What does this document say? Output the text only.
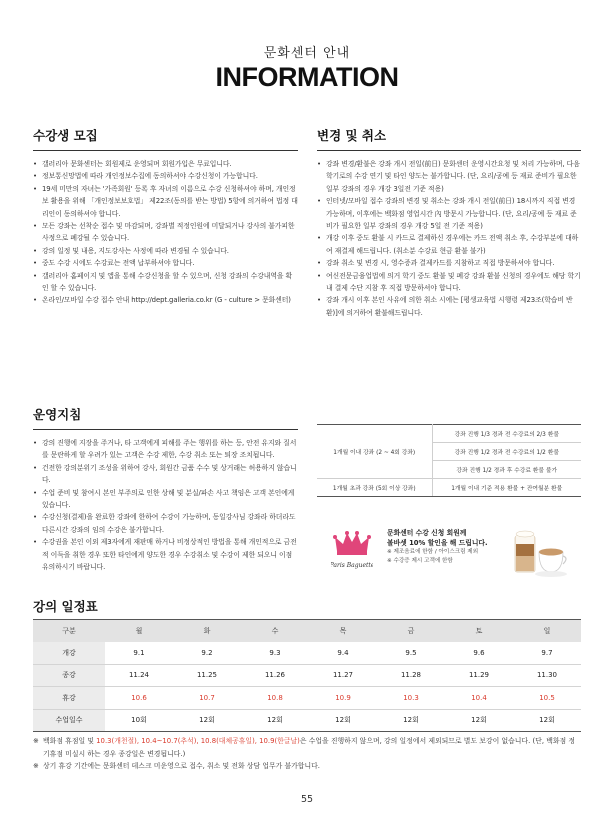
문화센터 안내
INFORMATION
수강생 모집
• 갤러리아 문화센터는 회원제로 운영되며 회원가입은 무료입니다.
• 정보통신망법에 따라 개인정보수집에 동의하셔야 수강신청이 가능합니다.
• 19세 미만의 자녀는 '가족회원' 등록 후 자녀의 이름으로 수강 신청하셔야 하며, 개인정보 활용을 위해 「개인정보보호법」 제22조(동의를 받는 방법) 5항에 의거하여 법정 대리인이 동의하셔야 합니다.
• 모든 강좌는 선착순 접수 및 마감되며, 강좌별 적정인원에 미달되거나 강사의 불가피한 사정으로 폐강될 수 있습니다.
• 강의 일정 및 내용, 지도강사는 사정에 따라 변경될 수 있습니다.
• 중도 수강 시에도 수강료는 전액 납부하셔야 합니다.
• 갤러리아 홈페이지 및 앱을 통해 수강신청을 할 수 있으며, 신청 강좌의 수강내역을 확인 할 수 있습니다.
• 온라인/모바일 수강 접수 안내 http://dept.galleria.co.kr (G - culture > 문화센터)
운영지침
• 강의 진행에 지장을 주거나, 타 고객에게 피해를 주는 행위를 하는 등, 안전 유지와 질서를 문란하게 할 우려가 있는 고객은 수강 제한, 수강 취소 또는 퇴장 조치됩니다.
• 건전한 강의분위기 조성을 위하여 강사, 회원간 금품 수수 및 상거래는 허용하지 않습니다.
• 수업 준비 및 참여시 본인 부주의로 인한 상해 및 분실/파손 사고 책임은 고객 본인에게 있습니다.
• 수강신청(결제)을 완료한 강좌에 한하여 수강이 가능하며, 동일강사님 강좌라 하더라도 다른시간 강좌의 임의 수강은 불가합니다.
• 수강권을 본인 이외 제3자에게 재판매 하거나 비정상적인 방법을 통해 개인적으로 금전적 이득을 취한 경우 또한 타인에게 양도한 경우 수강취소 및 수강이 제한 되오니 이점 유의하시기 바랍니다.
변경 및 취소
• 강좌 변경/환불은 강좌 개시 전일(前日) 문화센터 운영시간요청 및 처리 가능하며, 다음 학기로의 수강 연기 및 타인 양도는 불가합니다. (단, 요리/공예 등 재료 준비가 필요한 일부 강좌의 경우 개강 3일전 기준 적용)
• 인터넷/모바일 접수 강좌의 변경 및 취소는 강좌 개시 전일(前日) 18시까지 직접 변경 가능하며, 이후에는 백화점 영업시간 內 방문시 가능합니다. (단, 요리/공예 등 재료 준비가 필요한 일부 강좌의 경우 개강 5일 전 기준 적용)
• 개강 이후 중도 환불 시 카드로 결제하신 경우에는 카드 전액 취소 후, 수강부분에 대하여 재결제 해드립니다. (취소분 수강료 현금 환불 불가)
• 강좌 취소 및 변경 시, 영수증과 결제카드를 지참하고 직접 방문하셔야 합니다.
• 여신전문금융업법에 의거 학기 중도 환불 및 폐강 강좌 환불 신청의 경우에도 해당 학기 내 결제 수단 지참 후 직접 방문하셔야 합니다.
• 강좌 개시 이후 본인 사유에 의한 취소 시에는 [평생교육법 시행령 제23조(학습비 반환)]에 의거하여 환불해드립니다.
1개월 이내 강좌 (2 ~ 4회 강좌)	강좌 진행 1/3 경과 전 수강료의 2/3 환불
	강좌 진행 1/2 경과 전 수강료의 1/2 환불
	강좌 진행 1/2 경과 후 수강료 환불 불가
1개월 초과 강좌 (5회 이상 강좌)	1개월 이내 기준 적용 환불 + 잔여월분 환불
Paris Baguette
문화센터 수강 신청 회원께
볼바셋 10% 할인을 해 드립니다.
※ 제조음료에 한함 / 아이스크림 제외
※ 수강증 제시 고객에 한함
강의 일정표
구분	월	화	수	목	금	토	일
개강	9.1	9.2	9.3	9.4	9.5	9.6	9.7
종강	11.24	11.25	11.26	11.27	11.28	11.29	11.30
휴강	10.6	10.7	10.8	10.9	10.3	10.4	10.5
수업일수	10회	12회	12회	12회	12회	12회	12회

※ 백화점 휴점일 및 10.3(개천절), 10.4~10.7(추석), 10.8(대체공휴일), 10.9(한글날)은 수업을 진행하지 않으며, 강의 일정에서 제외되므로 별도 보강이 없습니다. (단, 백화점 정기휴점 미실시 하는 경우 종강일은 변경됩니다.)

※ 상기 휴강 기간에는 문화센터 데스크 미운영으로 접수, 취소 및 전화 상담 업무가 불가합니다.

55
